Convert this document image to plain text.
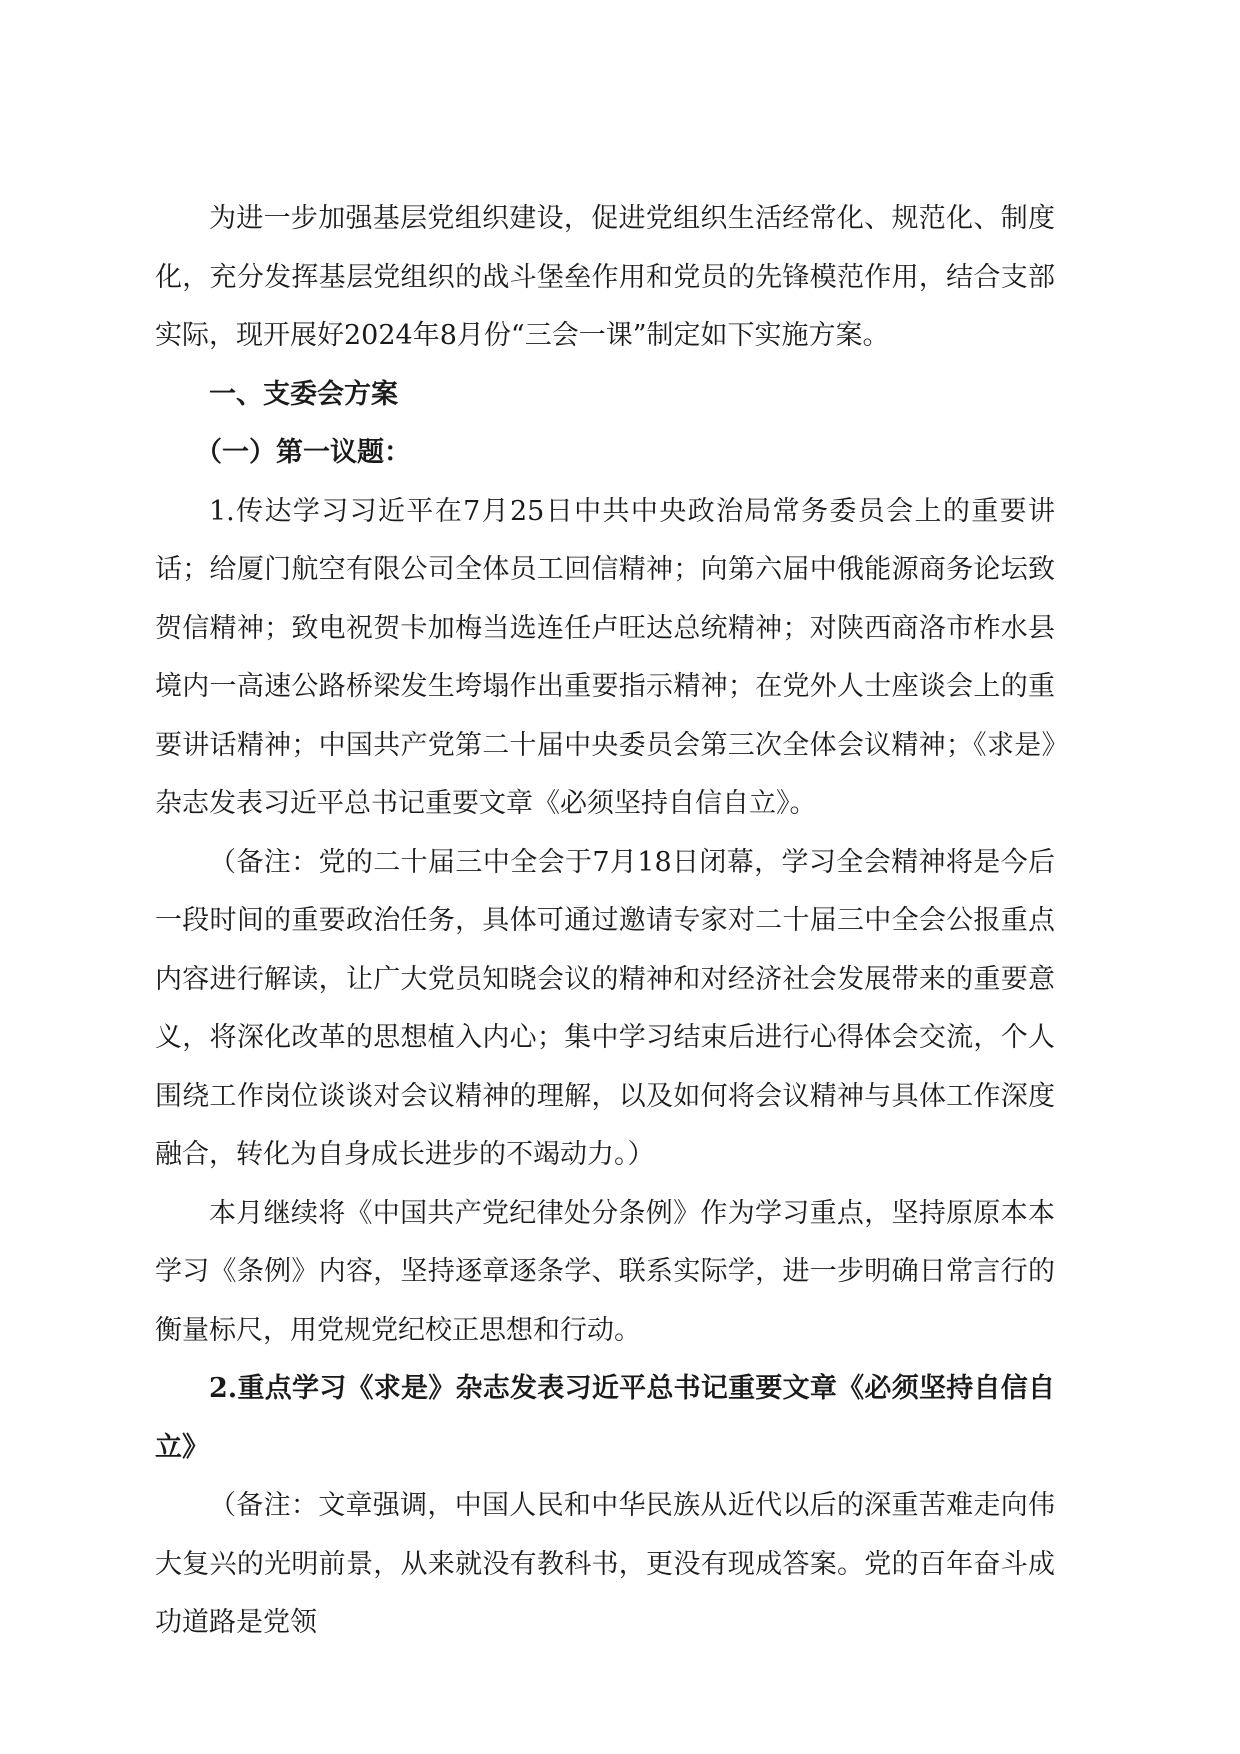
为进一步加强基层党组织建设，促进党组织生活经常化、规范化、制度化，充分发挥基层党组织的战斗堡垒作用和党员的先锋模范作用，结合支部实际，现开展好2024年8月份“三会一课”制定如下实施方案。

一、支委会方案

（一）第一议题：

1.传达学习习近平在7月25日中共中央政治局常务委员会上的重要讲话；给厦门航空有限公司全体员工回信精神；向第六届中俄能源商务论坛致贺信精神；致电祝贺卡加梅当选连任卢旺达总统精神；对陕西商洛市柞水县境内一高速公路桥梁发生垮塌作出重要指示精神；在党外人士座谈会上的重要讲话精神；中国共产党第二十届中央委员会第三次全体会议精神；《求是》杂志发表习近平总书记重要文章《必须坚持自信自立》。

（备注：党的二十届三中全会于7月18日闭幕，学习全会精神将是今后一段时间的重要政治任务，具体可通过邀请专家对二十届三中全会公报重点内容进行解读，让广大党员知晓会议的精神和对经济社会发展带来的重要意义，将深化改革的思想植入内心；集中学习结束后进行心得体会交流，个人围绕工作岗位谈谈对会议精神的理解，以及如何将会议精神与具体工作深度融合，转化为自身成长进步的不竭动力。）

本月继续将《中国共产党纪律处分条例》作为学习重点，坚持原原本本学习《条例》内容，坚持逐章逐条学、联系实际学，进一步明确日常言行的衡量标尺，用党规党纪校正思想和行动。

2.重点学习《求是》杂志发表习近平总书记重要文章《必须坚持自信自立》

（备注：文章强调，中国人民和中华民族从近代以后的深重苦难走向伟大复兴的光明前景，从来就没有教科书，更没有现成答案。党的百年奋斗成功道路是党领
